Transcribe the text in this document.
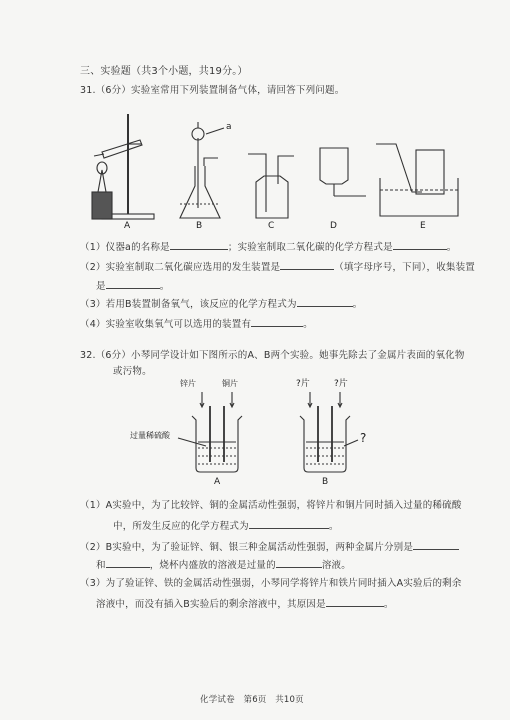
三、实验题（共3个小题，共19分。）
31.（6分）实验室常用下列装置制备气体，请回答下列问题。
A
a
B	C	D	E
（1）仪器a的名称是	；实验室制取二氧化碳的化学方程式是	。
（2）实验室制取二氧化碳应选用的发生装置是	（填字母序号，下同），收集装置
是	。
（3）若用B装置制备氧气，该反应的化学方程式为	。
（4）实验室收集氧气可以选用的装置有	。
32.（6分）小琴同学设计如下图所示的A、B两个实验。她事先除去了金属片表面的氧化物
或污物。
锌片	铜片
过量稀硫酸
A
?片	?片
?
B
（1）A实验中，为了比较锌、铜的金属活动性强弱，将锌片和铜片同时插入过量的稀硫酸
中，所发生反应的化学方程式为	。
（2）B实验中，为了验证锌、铜、银三种金属活动性强弱，两种金属片分别是
和	，烧杯内盛放的溶液是过量的	溶液。
（3）为了验证锌、铁的金属活动性强弱，小琴同学将锌片和铁片同时插入A实验后的剩余
溶液中，而没有插入B实验后的剩余溶液中，其原因是	。
化学试卷　第6页　共10页
